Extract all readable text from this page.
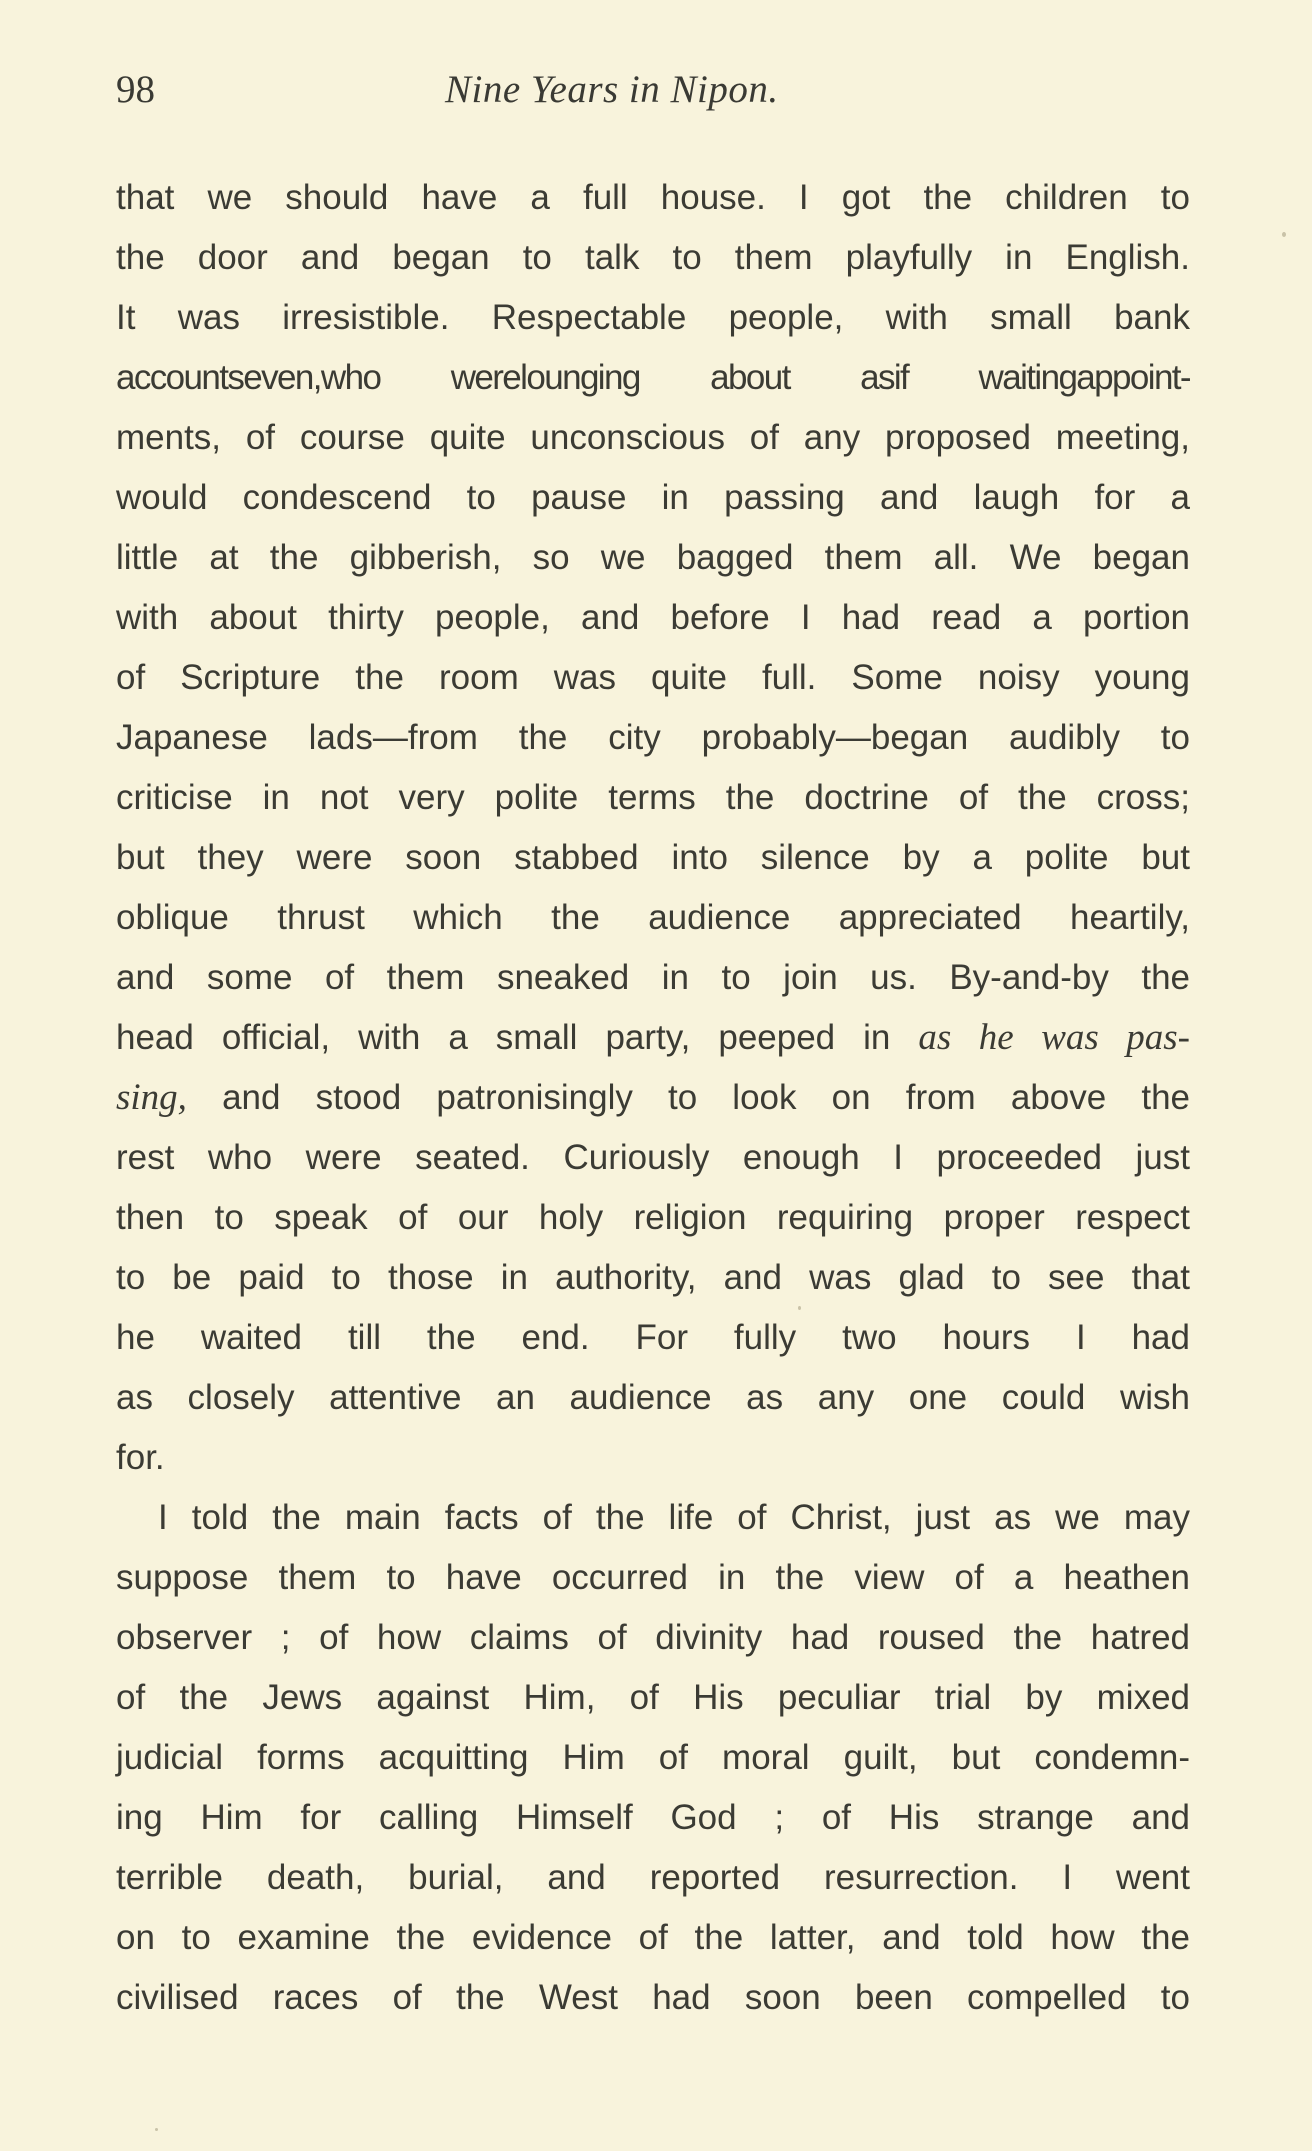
98	Nine Years in Nipon.
that we should have a full house. I got the children to
the door and began to talk to them playfully in English.
It was irresistible. Respectable people, with small bank
accountseven,who werelounging about asif waitingappoint-
ments, of course quite unconscious of any proposed meeting,
would condescend to pause in passing and laugh for a
little at the gibberish, so we bagged them all. We began
with about thirty people, and before I had read a portion
of Scripture the room was quite full. Some noisy young
Japanese lads—from the city probably—began audibly to
criticise in not very polite terms the doctrine of the cross;
but they were soon stabbed into silence by a polite but
oblique thrust which the audience appreciated heartily,
and some of them sneaked in to join us. By-and-by the
head official, with a small party, peeped in as he was pas-
sing, and stood patronisingly to look on from above the
rest who were seated. Curiously enough I proceeded just
then to speak of our holy religion requiring proper respect
to be paid to those in authority, and was glad to see that
he waited till the end. For fully two hours I had
as closely attentive an audience as any one could wish
for.
I told the main facts of the life of Christ, just as we may
suppose them to have occurred in the view of a heathen
observer ; of how claims of divinity had roused the hatred
of the Jews against Him, of His peculiar trial by mixed
judicial forms acquitting Him of moral guilt, but condemn-
ing Him for calling Himself God ; of His strange and
terrible death, burial, and reported resurrection. I went
on to examine the evidence of the latter, and told how the
civilised races of the West had soon been compelled to
